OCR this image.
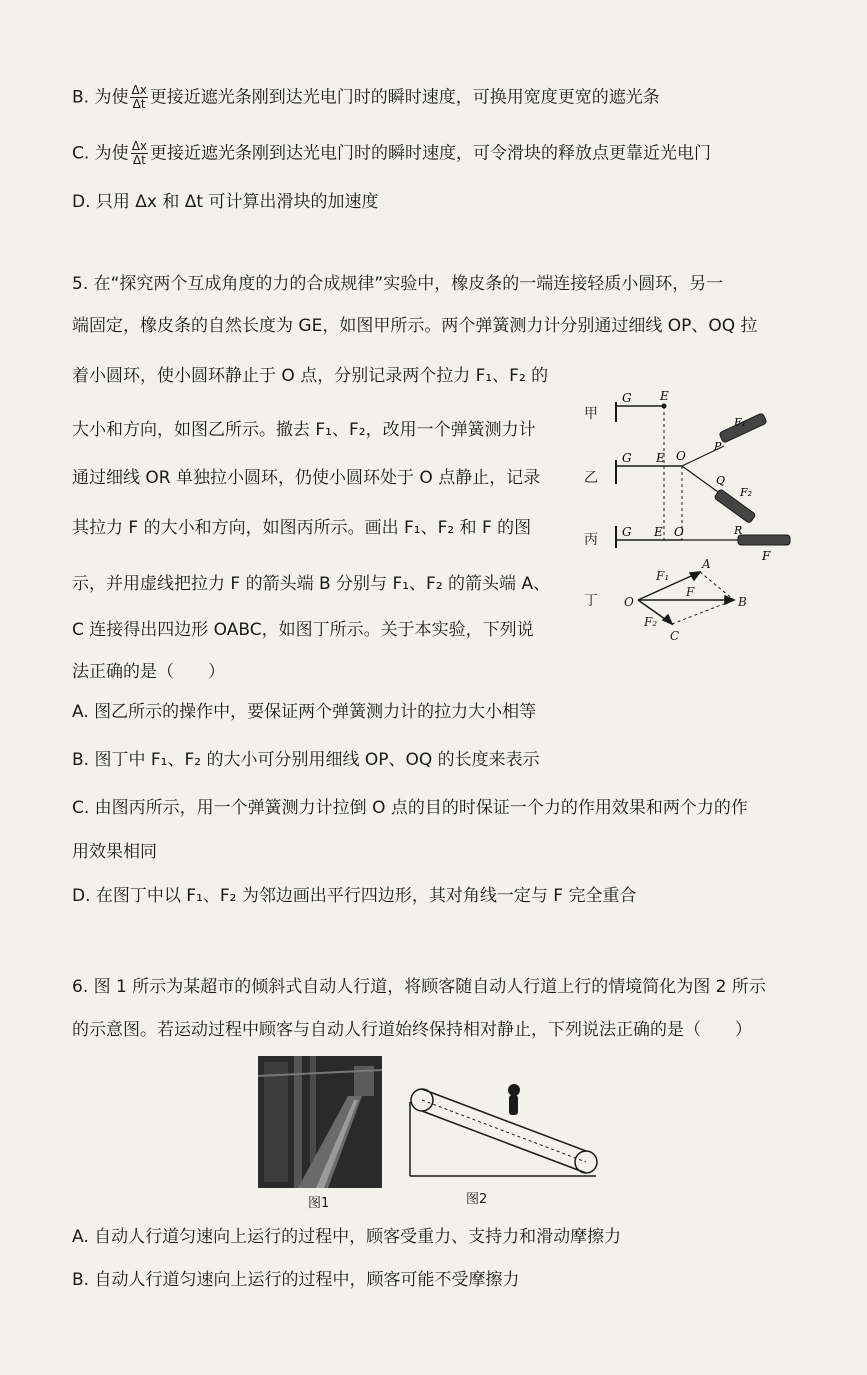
B. 为使 $\frac{\Delta x}{\Delta t}$ 更接近遮光条刚到达光电门时的瞬时速度，可换用宽度更宽的遮光条
C. 为使 $\frac{\Delta x}{\Delta t}$ 更接近遮光条刚到达光电门时的瞬时速度，可令滑块的释放点更靠近光电门
D. 只用 Δx 和 Δt 可计算出滑块的加速度
5. 在“探究两个互成角度的力的合成规律”实验中，橡皮条的一端连接轻质小圆环，另一
端固定，橡皮条的自然长度为 GE，如图甲所示。两个弹簧测力计分别通过细线 OP、OQ 拉
着小圆环，使小圆环静止于 O 点，分别记录两个拉力 F₁、F₂ 的
大小和方向，如图乙所示。撤去 F₁、F₂，改用一个弹簧测力计
通过细线 OR 单独拉小圆环，仍使小圆环处于 O 点静止，记录
其拉力 F 的大小和方向，如图丙所示。画出 F₁、F₂ 和 F 的图
示，并用虚线把拉力 F 的箭头端 B 分别与 F₁、F₂ 的箭头端 A、
C 连接得出四边形 OABC，如图丁所示。关于本实验，下列说
法正确的是（　　）
甲
乙
丙
丁
G E
G E O
P
F₁
Q
F₂
G E O	R
F
O
A
B
C
F₁
F
F₂
A. 图乙所示的操作中，要保证两个弹簧测力计的拉力大小相等
B. 图丁中 F₁、F₂ 的大小可分别用细线 OP、OQ 的长度来表示
C. 由图丙所示，用一个弹簧测力计拉倒 O 点的目的时保证一个力的作用效果和两个力的作
用效果相同
D. 在图丁中以 F₁、F₂ 为邻边画出平行四边形，其对角线一定与 F 完全重合
6. 图 1 所示为某超市的倾斜式自动人行道，将顾客随自动人行道上行的情境简化为图 2 所示
的示意图。若运动过程中顾客与自动人行道始终保持相对静止，下列说法正确的是（　　）
图1	图2
A. 自动人行道匀速向上运行的过程中，顾客受重力、支持力和滑动摩擦力
B. 自动人行道匀速向上运行的过程中，顾客可能不受摩擦力
